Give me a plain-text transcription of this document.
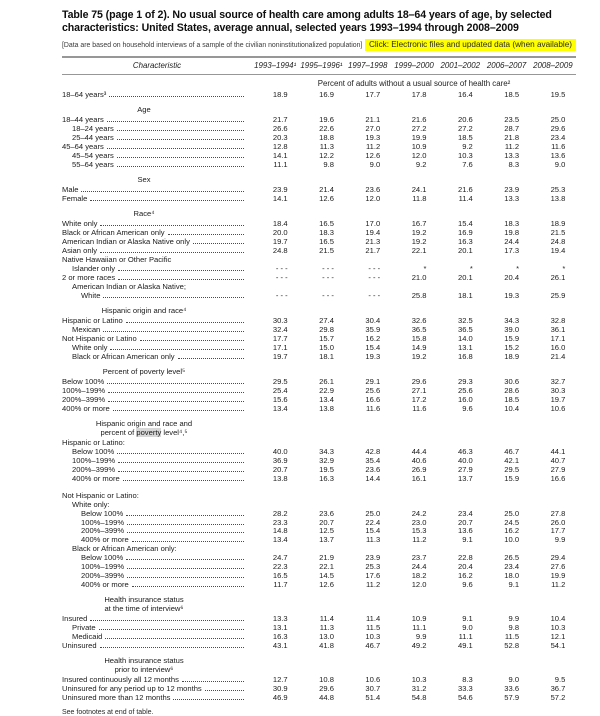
Table 75 (page 1 of 2). No usual source of health care among adults 18–64 years of age, by selected characteristics: United States, average annual, selected years 1993–1994 through 2008–2009
[Data are based on household interviews of a sample of the civilian noninstitutionalized population] Click: Electronic files and updated data (when available)
Characteristic	1993–1994¹ 1995–1996¹ 1997–1998 1999–2000 2001–2002 2006–2007 2008–2009
Percent of adults without a usual source of health care²
18–64 years³	18.9	16.9	17.7	17.8	16.4	18.5	19.5
Age
18–44 years	21.7	19.6	21.1	21.6	20.6	23.5	25.0
18–24 years	26.6	22.6	27.0	27.2	27.2	28.7	29.6
25–44 years	20.3	18.8	19.3	19.9	18.5	21.8	23.4
45–64 years	12.8	11.3	11.2	10.9	9.2	11.2	11.6
45–54 years	14.1	12.2	12.6	12.0	10.3	13.3	13.6
55–64 years	11.1	9.8	9.0	9.2	7.6	8.3	9.0
Sex
Male	23.9	21.4	23.6	24.1	21.6	23.9	25.3
Female	14.1	12.6	12.0	11.8	11.4	13.3	13.8
Race⁴
White only	18.4	16.5	17.0	16.7	15.4	18.3	18.9
Black or African American only	20.0	18.3	19.4	19.2	16.9	19.8	21.5
American Indian or Alaska Native only	19.7	16.5	21.3	19.2	16.3	24.4	24.8
Asian only	24.8	21.5	21.7	22.1	20.1	17.3	19.4
Native Hawaiian or Other Pacific
Islander only	- - -	- - -	- - -	*	*	*	*
2 or more races	- - -	- - -	- - -	21.0	20.1	20.4	26.1
American Indian or Alaska Native;
White	- - -	- - -	- - -	25.8	18.1	19.3	25.9
Hispanic origin and race⁴
Hispanic or Latino	30.3	27.4	30.4	32.6	32.5	34.3	32.8
Mexican	32.4	29.8	35.9	36.5	36.5	39.0	36.1
Not Hispanic or Latino	17.7	15.7	16.2	15.8	14.0	15.9	17.1
White only	17.1	15.0	15.4	14.9	13.1	15.2	16.0
Black or African American only	19.7	18.1	19.3	19.2	16.8	18.9	21.4
Percent of poverty level⁵
Below 100%	29.5	26.1	29.1	29.6	29.3	30.6	32.7
100%–199%	25.4	22.9	25.6	27.1	25.6	28.6	30.3
200%–399%	15.6	13.4	16.6	17.2	16.0	18.5	19.7
400% or more	13.4	13.8	11.6	11.6	9.6	10.4	10.6
Hispanic origin and race and
percent of poverty level⁴,⁵
Hispanic or Latino:
Below 100%	40.0	34.3	42.8	44.4	46.3	46.7	44.1
100%–199%	36.9	32.9	35.4	40.6	40.0	42.1	40.7
200%–399%	20.7	19.5	23.6	26.9	27.9	29.5	27.9
400% or more	13.8	16.3	14.4	16.1	13.7	15.9	16.6
Not Hispanic or Latino:
White only:
Below 100%	28.2	23.6	25.0	24.2	23.4	25.0	27.8
100%–199%	23.3	20.7	22.4	23.0	20.7	24.5	26.0
200%–399%	14.8	12.5	15.4	15.3	13.6	16.2	17.7
400% or more	13.4	13.7	11.3	11.2	9.1	10.0	9.9
Black or African American only:
Below 100%	24.7	21.9	23.9	23.7	22.8	26.5	29.4
100%–199%	22.3	22.1	25.3	24.4	20.4	23.4	27.6
200%–399%	16.5	14.5	17.6	18.2	16.2	18.0	19.9
400% or more	11.7	12.6	11.2	12.0	9.6	9.1	11.2
Health insurance status
at the time of interview⁶
Insured	13.3	11.4	11.4	10.9	9.1	9.9	10.4
Private	13.1	11.3	11.5	11.1	9.0	9.8	10.3
Medicaid	16.3	13.0	10.3	9.9	11.1	11.5	12.1
Uninsured	43.1	41.8	46.7	49.2	49.1	52.8	54.1
Health insurance status
prior to interview⁶
Insured continuously all 12 months	12.7	10.8	10.6	10.3	8.3	9.0	9.5
Uninsured for any period up to 12 months	30.9	29.6	30.7	31.2	33.3	33.6	36.7
Uninsured more than 12 months	46.9	44.8	51.4	54.8	54.6	57.9	57.2
See footnotes at end of table.
